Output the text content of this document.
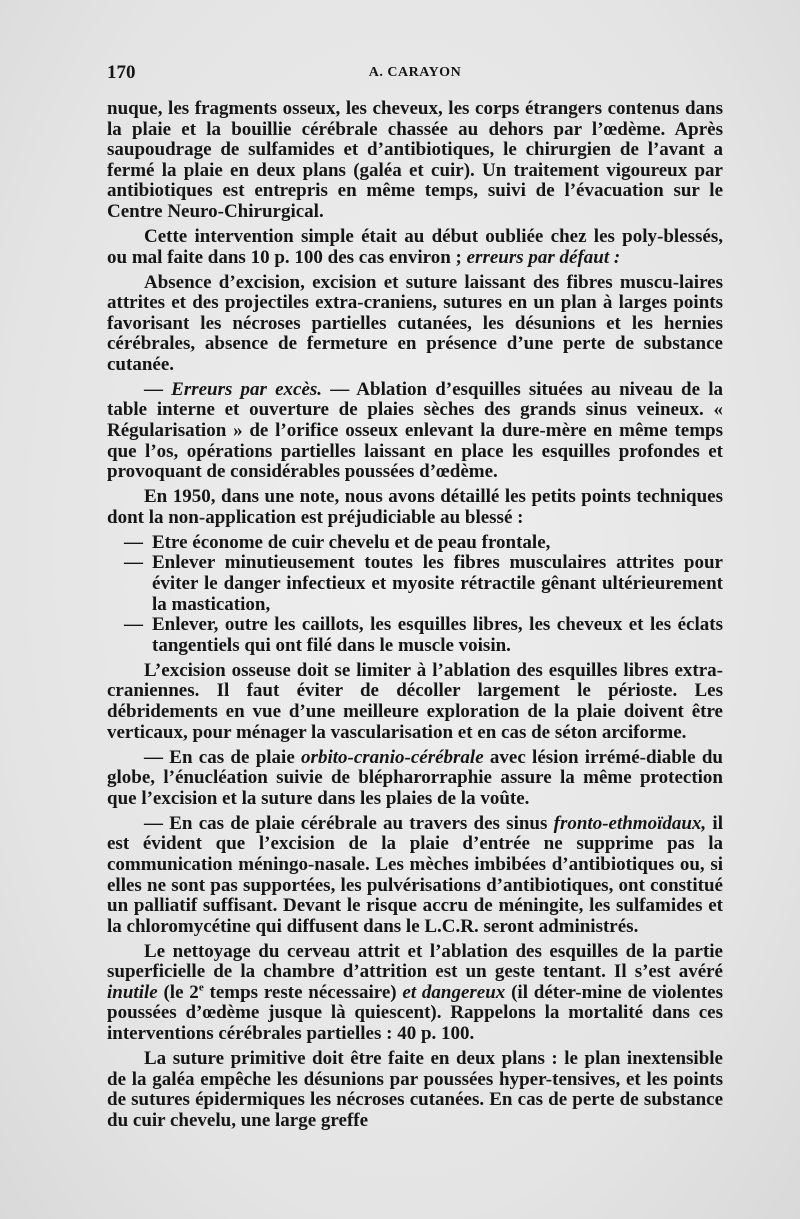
170	A. CARAYON

nuque, les fragments osseux, les cheveux, les corps étrangers contenus dans la plaie et la bouillie cérébrale chassée au dehors par l’œdème. Après saupoudrage de sulfamides et d’antibiotiques, le chirurgien de l’avant a fermé la plaie en deux plans (galéa et cuir). Un traitement vigoureux par antibiotiques est entrepris en même temps, suivi de l’évacuation sur le Centre Neuro-Chirurgical.

Cette intervention simple était au début oubliée chez les poly-blessés, ou mal faite dans 10 p. 100 des cas environ ; erreurs par défaut :

Absence d’excision, excision et suture laissant des fibres muscu-laires attrites et des projectiles extra-craniens, sutures en un plan à larges points favorisant les nécroses partielles cutanées, les désunions et les hernies cérébrales, absence de fermeture en présence d’une perte de substance cutanée.

— Erreurs par excès. — Ablation d’esquilles situées au niveau de la table interne et ouverture de plaies sèches des grands sinus veineux. « Régularisation » de l’orifice osseux enlevant la dure-mère en même temps que l’os, opérations partielles laissant en place les esquilles profondes et provoquant de considérables poussées d’œdème.

En 1950, dans une note, nous avons détaillé les petits points techniques dont la non-application est préjudiciable au blessé :

— Etre économe de cuir chevelu et de peau frontale,
— Enlever minutieusement toutes les fibres musculaires attrites pour éviter le danger infectieux et myosite rétractile gênant ultérieurement la mastication,
— Enlever, outre les caillots, les esquilles libres, les cheveux et les éclats tangentiels qui ont filé dans le muscle voisin.

L’excision osseuse doit se limiter à l’ablation des esquilles libres extra-craniennes. Il faut éviter de décoller largement le périoste. Les débridements en vue d’une meilleure exploration de la plaie doivent être verticaux, pour ménager la vascularisation et en cas de séton arciforme.

— En cas de plaie orbito-cranio-cérébrale avec lésion irrémé-diable du globe, l’énucléation suivie de blépharorraphie assure la même protection que l’excision et la suture dans les plaies de la voûte.

— En cas de plaie cérébrale au travers des sinus fronto-ethmoïdaux, il est évident que l’excision de la plaie d’entrée ne supprime pas la communication méningo-nasale. Les mèches imbibées d’antibiotiques ou, si elles ne sont pas supportées, les pulvérisations d’antibiotiques, ont constitué un palliatif suffisant. Devant le risque accru de méningite, les sulfamides et la chloromycétine qui diffusent dans le L.C.R. seront administrés.

Le nettoyage du cerveau attrit et l’ablation des esquilles de la partie superficielle de la chambre d’attrition est un geste tentant. Il s’est avéré inutile (le 2e temps reste nécessaire) et dangereux (il déter-mine de violentes poussées d’œdème jusque là quiescent). Rappelons la mortalité dans ces interventions cérébrales partielles : 40 p. 100.

La suture primitive doit être faite en deux plans : le plan inextensible de la galéa empêche les désunions par poussées hyper-tensives, et les points de sutures épidermiques les nécroses cutanées. En cas de perte de substance du cuir chevelu, une large greffe
